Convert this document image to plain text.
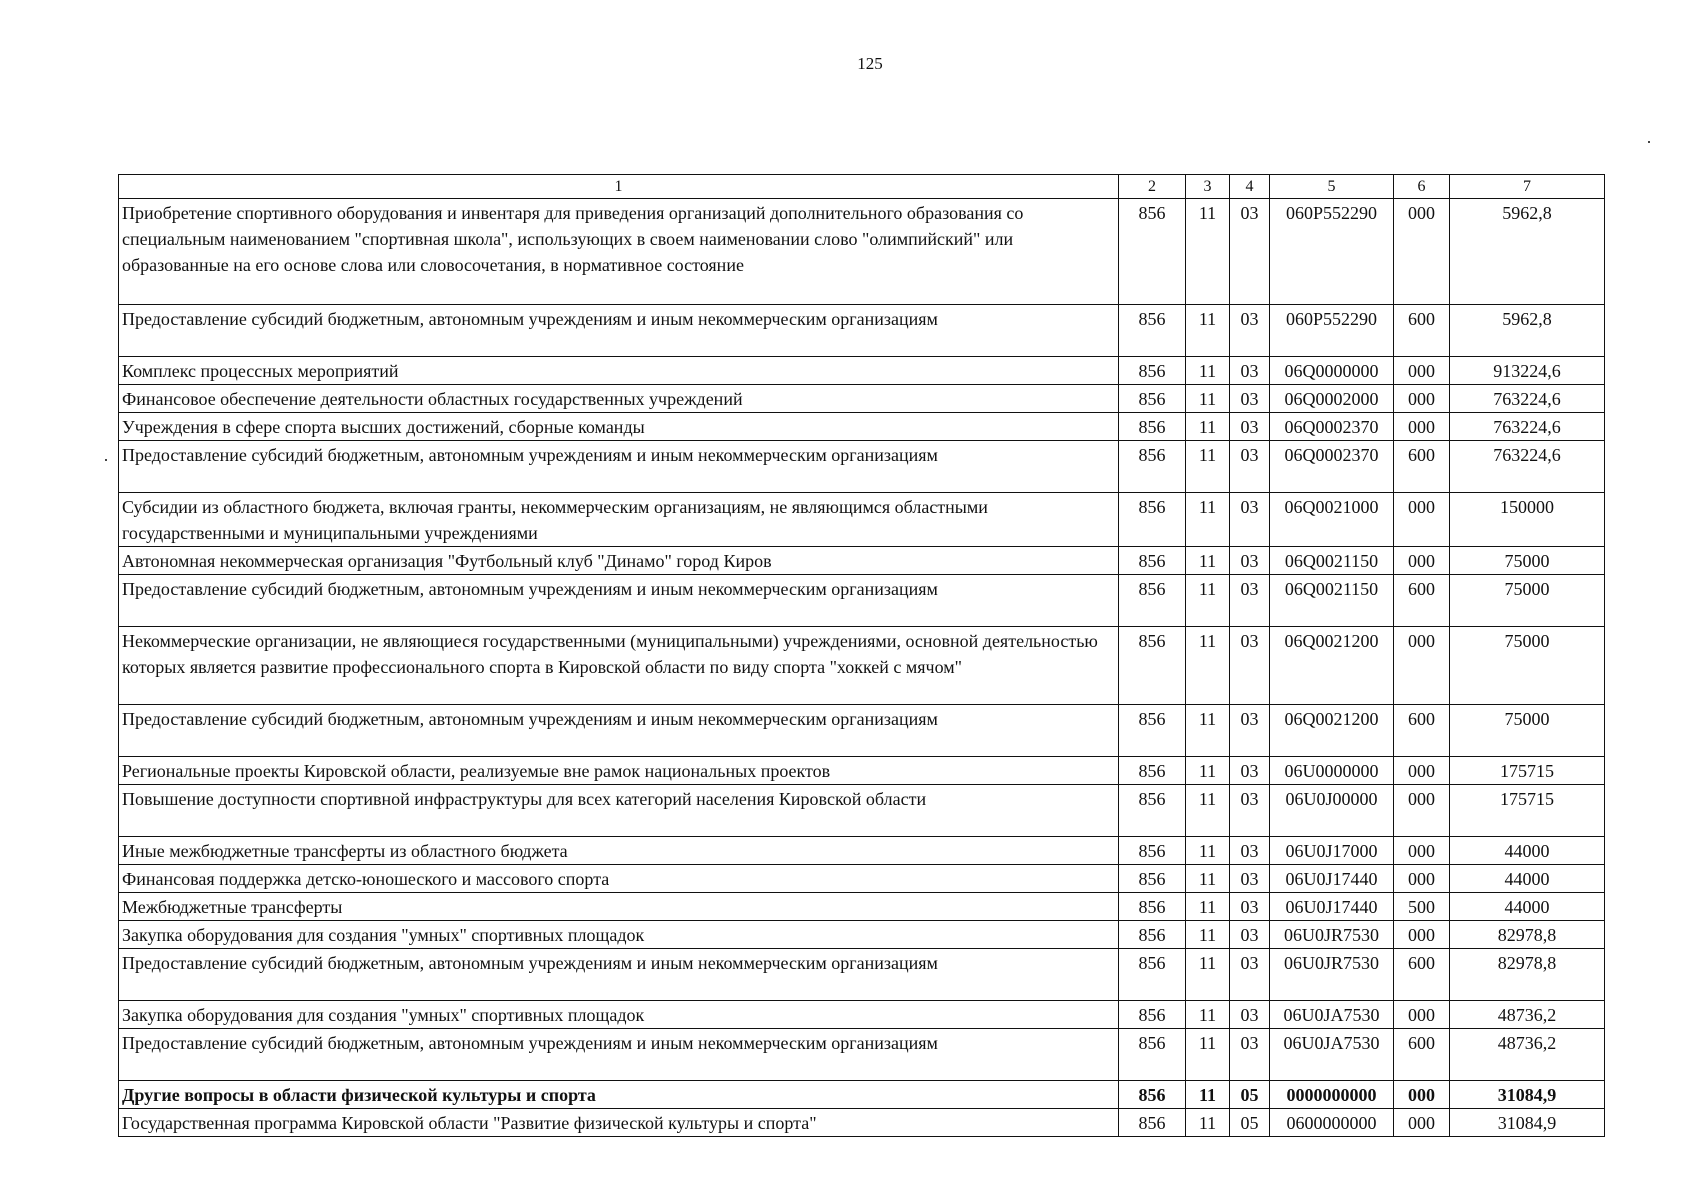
125
1	2	3	4	5	6	7
Приобретение спортивного оборудования и инвентаря для приведения организаций дополнительного образования со специальным наименованием "спортивная школа", использующих в своем наименовании слово "олимпийский" или образованные на его основе слова или словосочетания, в нормативное состояние	856	11	03	060P552290	000	5962,8
Предоставление субсидий бюджетным, автономным учреждениям и иным некоммерческим организациям	856	11	03	060P552290	600	5962,8
Комплекс процессных мероприятий	856	11	03	06Q0000000	000	913224,6
Финансовое обеспечение деятельности областных государственных учреждений	856	11	03	06Q0002000	000	763224,6
Учреждения в сфере спорта высших достижений, сборные команды	856	11	03	06Q0002370	000	763224,6
Предоставление субсидий бюджетным, автономным учреждениям и иным некоммерческим организациям	856	11	03	06Q0002370	600	763224,6
Субсидии из областного бюджета, включая гранты, некоммерческим организациям, не являющимся областными государственными и муниципальными учреждениями	856	11	03	06Q0021000	000	150000
Автономная некоммерческая организация "Футбольный клуб "Динамо" город Киров	856	11	03	06Q0021150	000	75000
Предоставление субсидий бюджетным, автономным учреждениям и иным некоммерческим организациям	856	11	03	06Q0021150	600	75000
Некоммерческие организации, не являющиеся государственными (муниципальными) учреждениями, основной деятельностью которых является развитие профессионального спорта в Кировской области по виду спорта "хоккей с мячом"	856	11	03	06Q0021200	000	75000
Предоставление субсидий бюджетным, автономным учреждениям и иным некоммерческим организациям	856	11	03	06Q0021200	600	75000
Региональные проекты Кировской области, реализуемые вне рамок национальных проектов	856	11	03	06U0000000	000	175715
Повышение доступности спортивной инфраструктуры для всех категорий населения Кировской области	856	11	03	06U0J00000	000	175715
Иные межбюджетные трансферты из областного бюджета	856	11	03	06U0J17000	000	44000
Финансовая поддержка детско-юношеского и массового спорта	856	11	03	06U0J17440	000	44000
Межбюджетные трансферты	856	11	03	06U0J17440	500	44000
Закупка оборудования для создания "умных" спортивных площадок	856	11	03	06U0JR7530	000	82978,8
Предоставление субсидий бюджетным, автономным учреждениям и иным некоммерческим организациям	856	11	03	06U0JR7530	600	82978,8
Закупка оборудования для создания "умных" спортивных площадок	856	11	03	06U0JA7530	000	48736,2
Предоставление субсидий бюджетным, автономным учреждениям и иным некоммерческим организациям	856	11	03	06U0JA7530	600	48736,2
Другие вопросы в области физической культуры и спорта	856	11	05	0000000000	000	31084,9
Государственная программа Кировской области "Развитие физической культуры и спорта"	856	11	05	0600000000	000	31084,9
